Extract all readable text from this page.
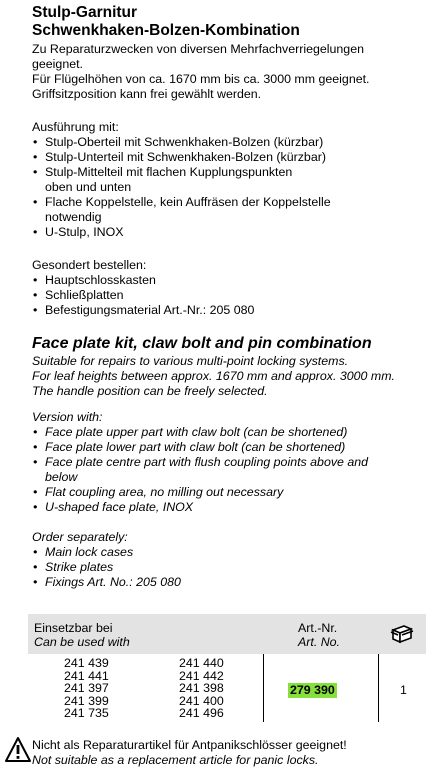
Stulp-Garnitur
Schwenkhaken-Bolzen-Kombination

Zu Reparaturzwecken von diversen Mehrfachverriegelungen

geeignet.

Für Flügelhöhen von ca. 1670 mm bis ca. 3000 mm geeignet.

Griffsitzposition kann frei gewählt werden.

Ausführung mit:

• Stulp-Oberteil mit Schwenkhaken-Bolzen (kürzbar)
• Stulp-Unterteil mit Schwenkhaken-Bolzen (kürzbar)
• Stulp-Mittelteil mit flachen Kupplungspunkten
oben und unten
• Flache Koppelstelle, kein Auffräsen der Koppelstelle
notwendig
• U-Stulp, INOX

Gesondert bestellen:

• Hauptschlosskasten
• Schließplatten
• Befestigungsmaterial Art.-Nr.: 205 080
Face plate kit, claw bolt and pin combination

Suitable for repairs to various multi-point locking systems.

For leaf heights between approx. 1670 mm and approx. 3000 mm.

The handle position can be freely selected.

Version with:

• Face plate upper part with claw bolt (can be shortened)
• Face plate lower part with claw bolt (can be shortened)
• Face plate centre part with flush coupling points above and
below
• Flat coupling area, no milling out necessary
• U-shaped face plate, INOX

Order separately:

• Main lock cases
• Strike plates
• Fixings Art. No.: 205 080
Einsetzbar bei
Can be used with
Art.-Nr.
Art. No.
241 439
241 441
241 397
241 399
241 735
241 440
241 442
241 398
241 400
241 496
279 390	1

Nicht als Reparaturartikel für Antpanikschlösser geeignet!

Not suitable as a replacement article for panic locks.
